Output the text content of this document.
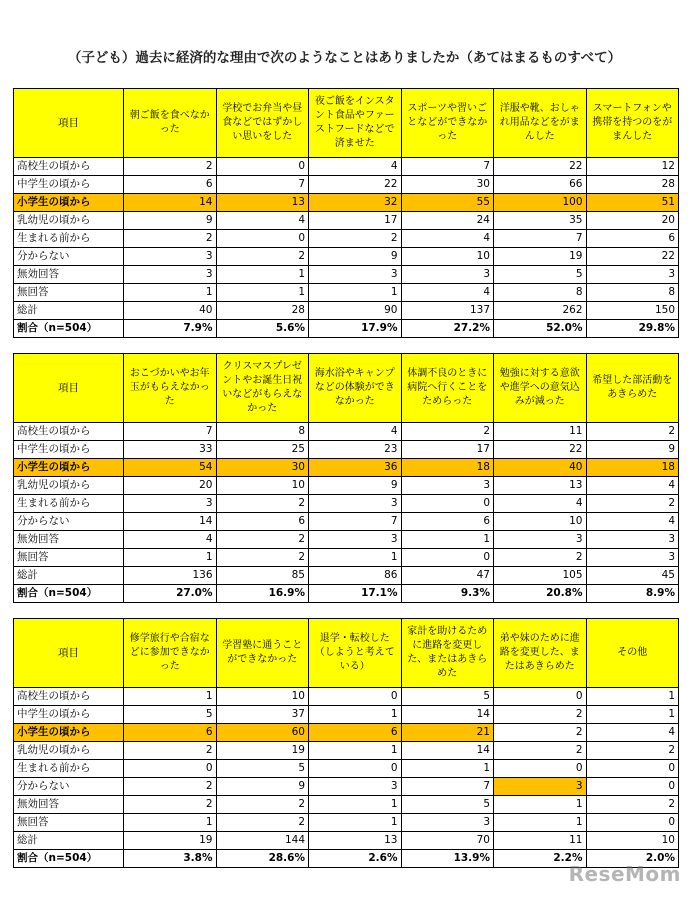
（子ども）過去に経済的な理由で次のようなことはありましたか（あてはまるものすべて）
項目	朝ご飯を食べなかった	学校でお弁当や昼食などではずかしい思いをした	夜ご飯をインスタント食品やファーストフードなどで済ませた	スポーツや習いごとなどができなかった	洋服や靴、おしゃれ用品などをがまんした	スマートフォンや携帯を持つのをがまんした
高校生の頃から	2	0	4	7	22	12
中学生の頃から	6	7	22	30	66	28
小学生の頃から	14	13	32	55	100	51
乳幼児の頃から	9	4	17	24	35	20
生まれる前から	2	0	2	4	7	6
分からない	3	2	9	10	19	22
無効回答	3	1	3	3	5	3
無回答	1	1	1	4	8	8
総計	40	28	90	137	262	150
割合（n=504）	7.9%	5.6%	17.9%	27.2%	52.0%	29.8%
項目	おこづかいやお年玉がもらえなかった	クリスマスプレゼントやお誕生日祝いなどがもらえなかった	海水浴やキャンプなどの体験ができなかった	体調不良のときに病院へ行くことをためらった	勉強に対する意欲や進学への意気込みが減った	希望した部活動をあきらめた
高校生の頃から	7	8	4	2	11	2
中学生の頃から	33	25	23	17	22	9
小学生の頃から	54	30	36	18	40	18
乳幼児の頃から	20	10	9	3	13	4
生まれる前から	3	2	3	0	4	2
分からない	14	6	7	6	10	4
無効回答	4	2	3	1	3	3
無回答	1	2	1	0	2	3
総計	136	85	86	47	105	45
割合（n=504）	27.0%	16.9%	17.1%	9.3%	20.8%	8.9%
項目	修学旅行や合宿などに参加できなかった	学習塾に通うことができなかった	退学・転校した（しようと考えている）	家計を助けるために進路を変更した、またはあきらめた	弟や妹のために進路を変更した、またはあきらめた	その他
高校生の頃から	1	10	0	5	0	1
中学生の頃から	5	37	1	14	2	1
小学生の頃から	6	60	6	21	2	4
乳幼児の頃から	2	19	1	14	2	2
生まれる前から	0	5	0	1	0	0
分からない	2	9	3	7	3	0
無効回答	2	2	1	5	1	2
無回答	1	2	1	3	1	0
総計	19	144	13	70	11	10
割合（n=504）	3.8%	28.6%	2.6%	13.9%	2.2%	2.0%
ReseMom
